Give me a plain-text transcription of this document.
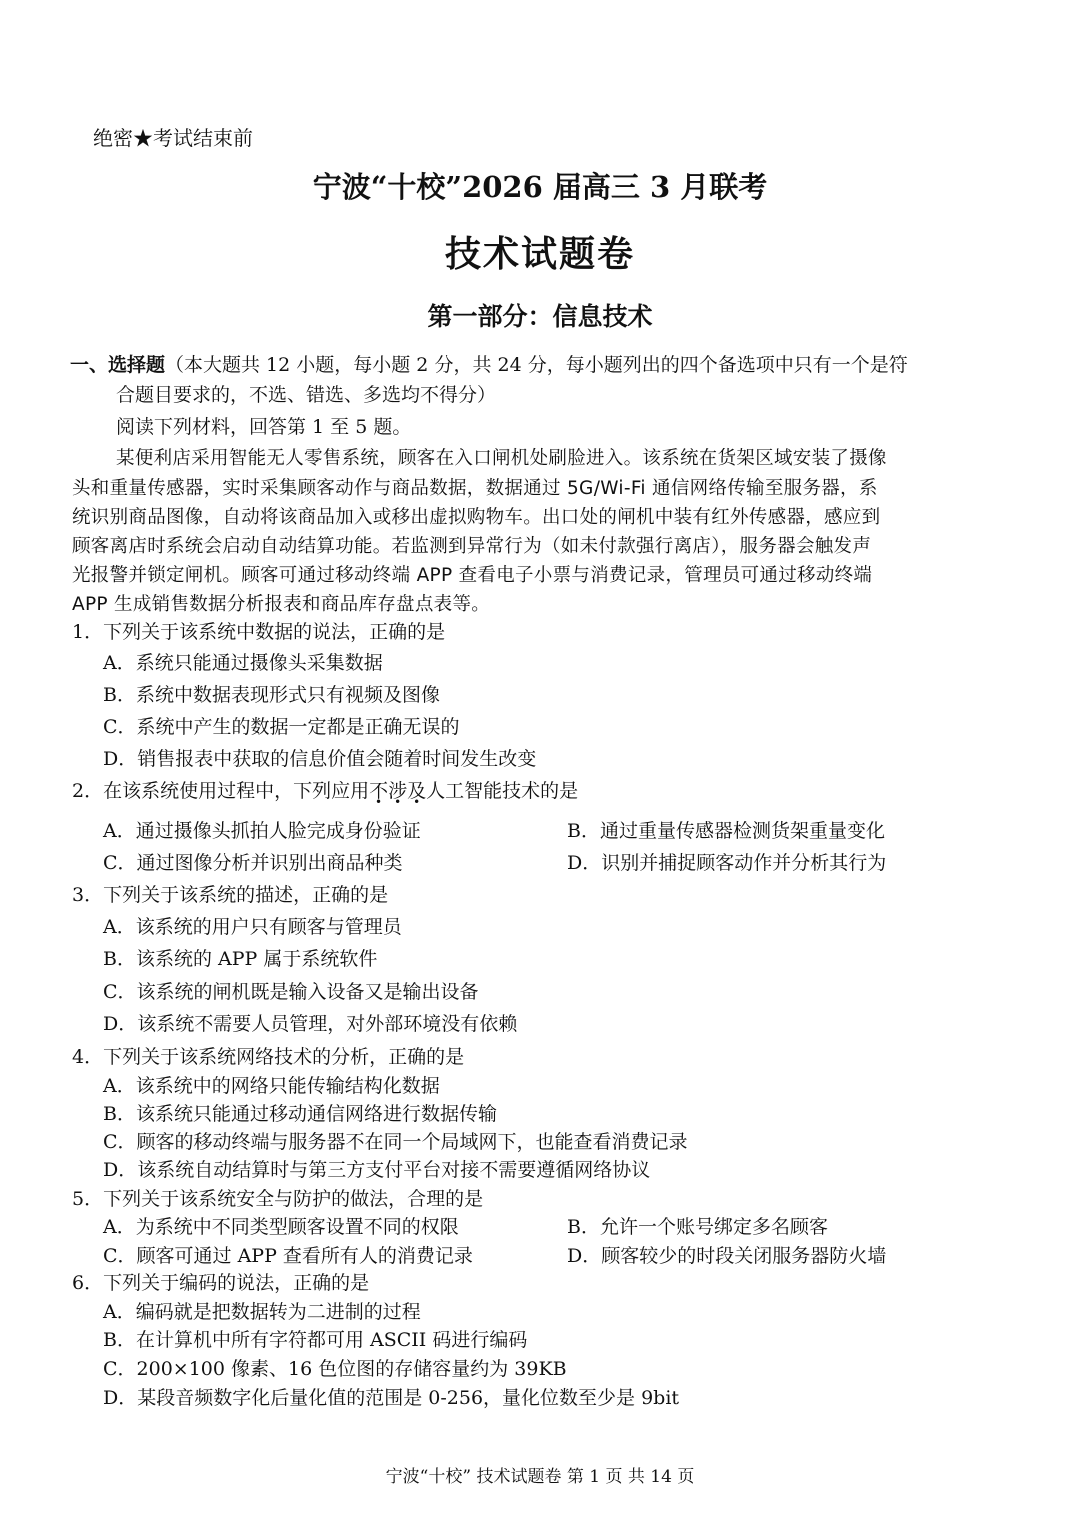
绝密★考试结束前
宁波“十校”2026 届高三 3 月联考
技术试题卷
第一部分：信息技术
一、选择题（本大题共 12 小题，每小题 2 分，共 24 分，每小题列出的四个备选项中只有一个是符
合题目要求的，不选、错选、多选均不得分）
阅读下列材料，回答第 1 至 5 题。
某便利店采用智能无人零售系统，顾客在入口闸机处刷脸进入。该系统在货架区域安装了摄像
头和重量传感器，实时采集顾客动作与商品数据，数据通过 5G/Wi-Fi 通信网络传输至服务器，系
统识别商品图像，自动将该商品加入或移出虚拟购物车。出口处的闸机中装有红外传感器，感应到
顾客离店时系统会启动自动结算功能。若监测到异常行为（如未付款强行离店），服务器会触发声
光报警并锁定闸机。顾客可通过移动终端 APP 查看电子小票与消费记录，管理员可通过移动终端
APP 生成销售数据分析报表和商品库存盘点表等。
1．下列关于该系统中数据的说法，正确的是
A．系统只能通过摄像头采集数据
B．系统中数据表现形式只有视频及图像
C．系统中产生的数据一定都是正确无误的
D．销售报表中获取的信息价值会随着时间发生改变
2．在该系统使用过程中，下列应用不涉及人工智能技术的是
A．通过摄像头抓拍人脸完成身份验证	B．通过重量传感器检测货架重量变化
C．通过图像分析并识别出商品种类	D．识别并捕捉顾客动作并分析其行为
3．下列关于该系统的描述，正确的是
A．该系统的用户只有顾客与管理员
B．该系统的 APP 属于系统软件
C．该系统的闸机既是输入设备又是输出设备
D．该系统不需要人员管理，对外部环境没有依赖
4．下列关于该系统网络技术的分析，正确的是
A．该系统中的网络只能传输结构化数据
B．该系统只能通过移动通信网络进行数据传输
C．顾客的移动终端与服务器不在同一个局域网下，也能查看消费记录
D．该系统自动结算时与第三方支付平台对接不需要遵循网络协议
5．下列关于该系统安全与防护的做法，合理的是
A．为系统中不同类型顾客设置不同的权限	B．允许一个账号绑定多名顾客
C．顾客可通过 APP 查看所有人的消费记录	D．顾客较少的时段关闭服务器防火墙
6．下列关于编码的说法，正确的是
A．编码就是把数据转为二进制的过程
B．在计算机中所有字符都可用 ASCII 码进行编码
C．200×100 像素、16 色位图的存储容量约为 39KB
D．某段音频数字化后量化值的范围是 0-256，量化位数至少是 9bit
宁波“十校” 技术试题卷 第 1 页 共 14 页
